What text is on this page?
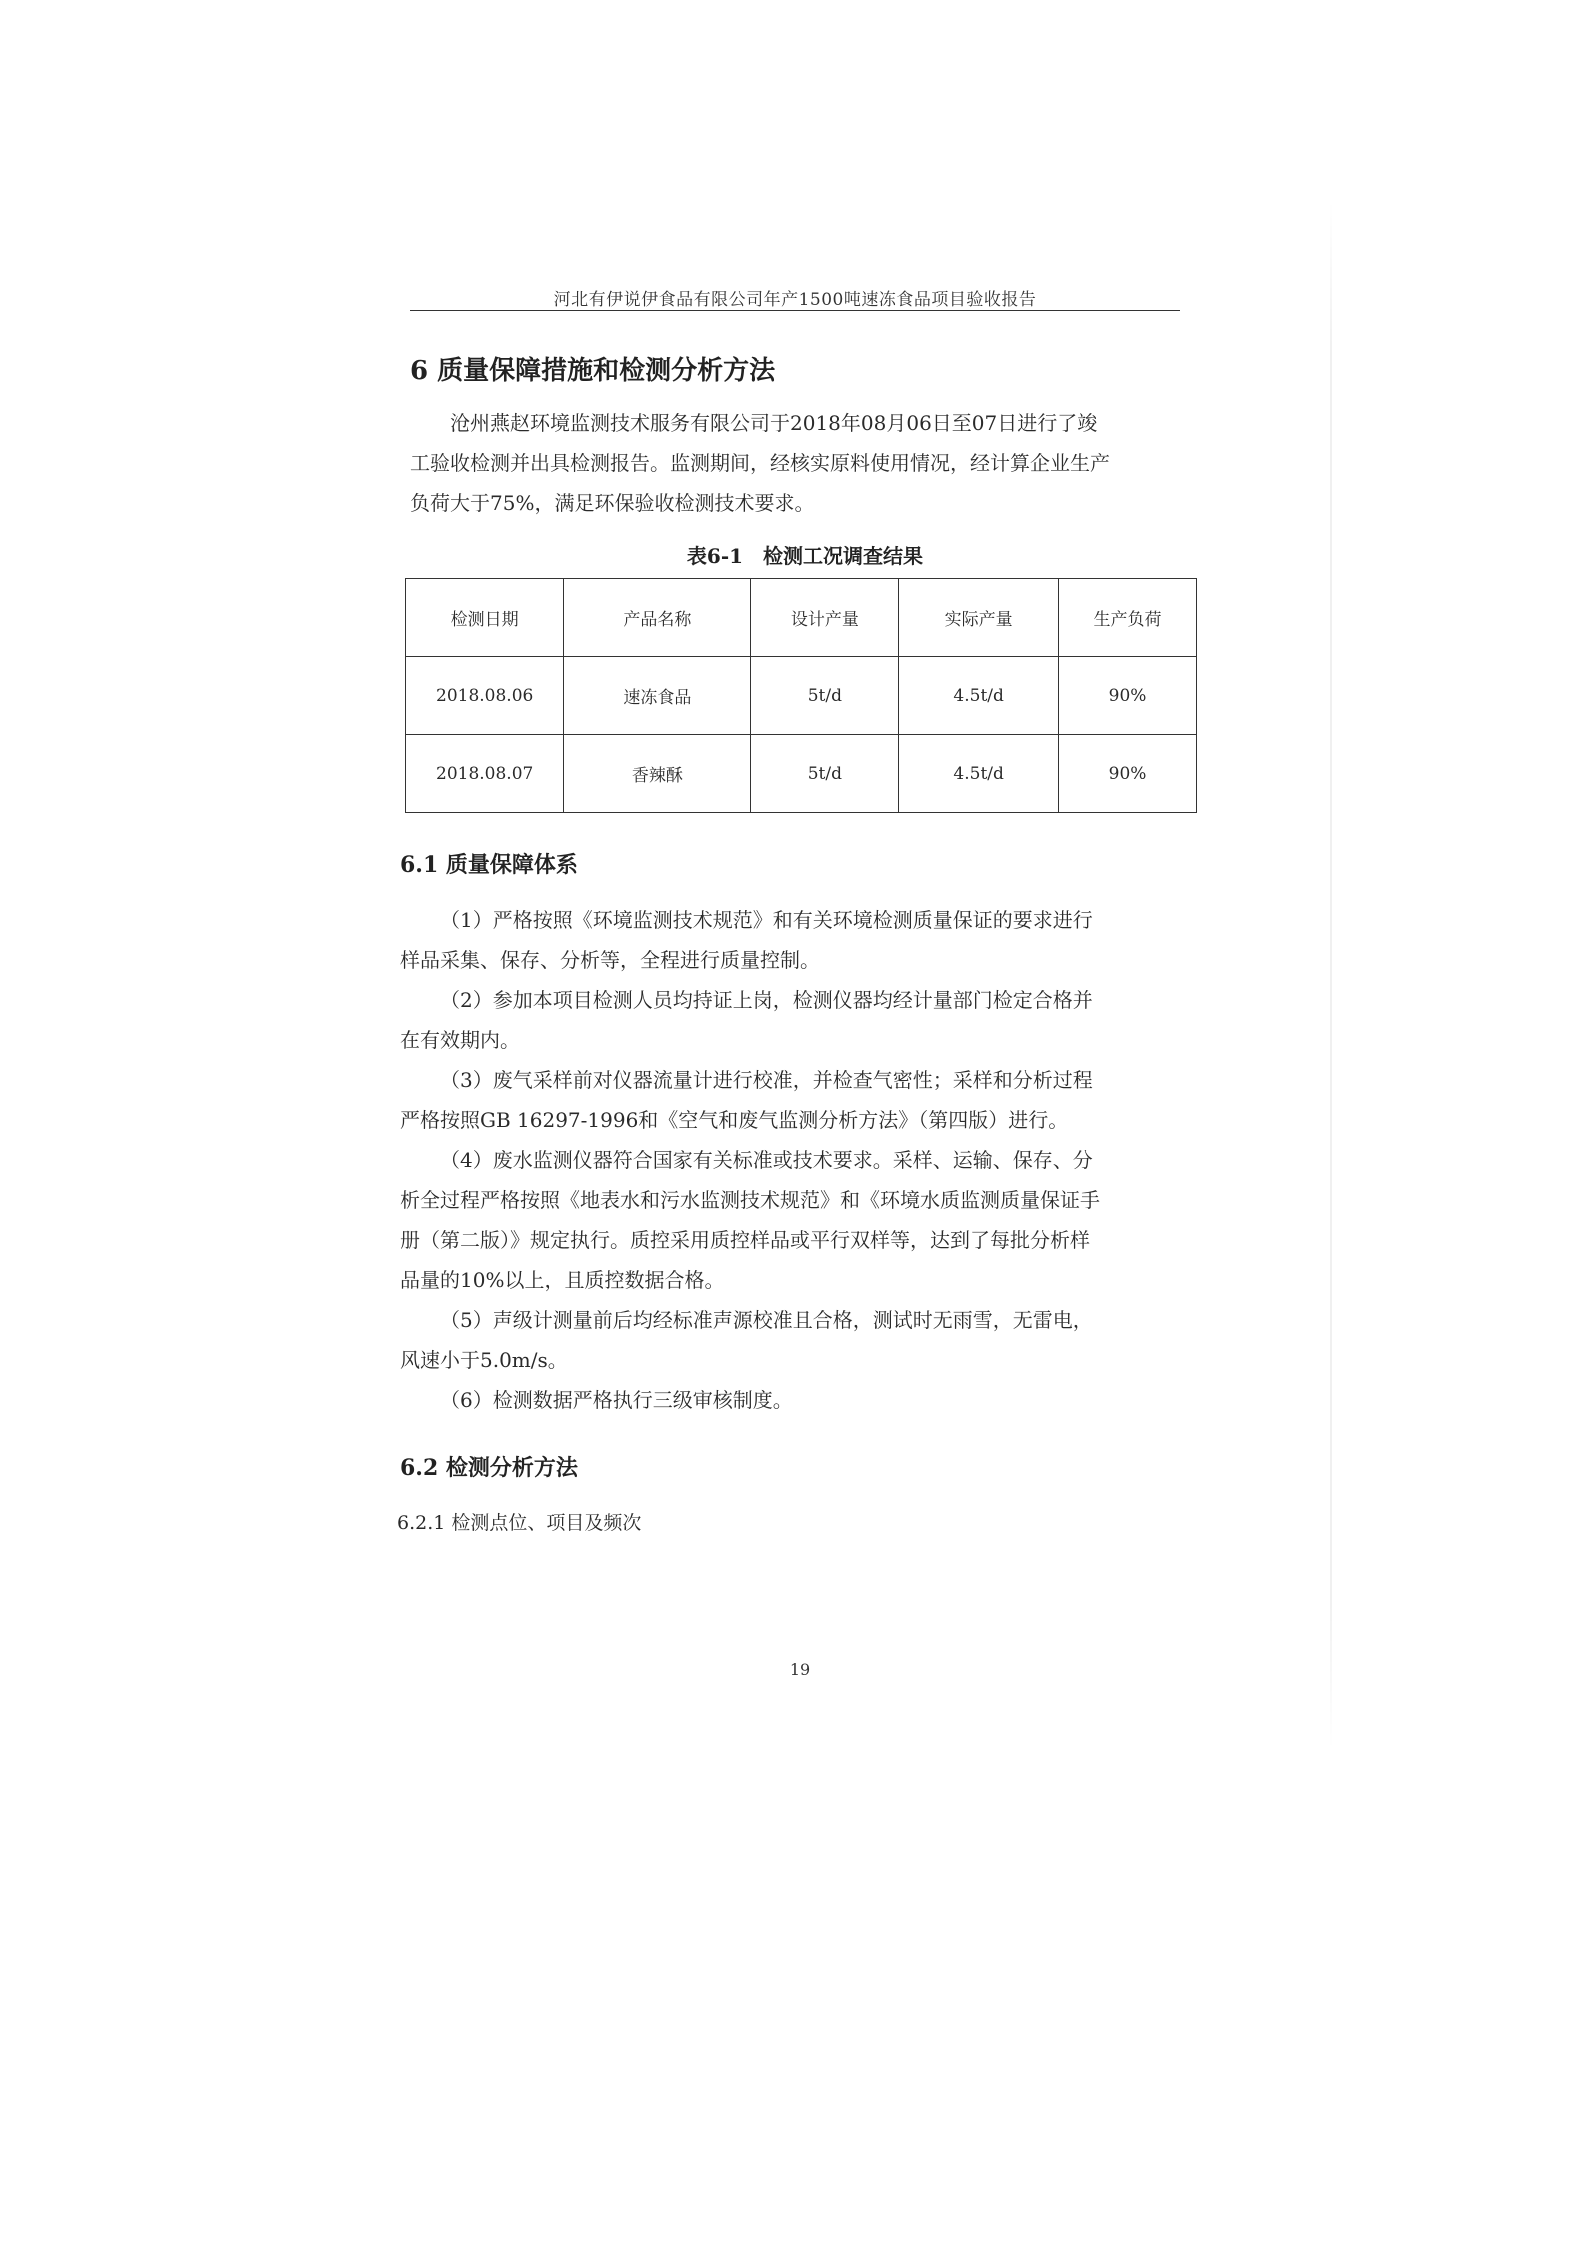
河北有伊说伊食品有限公司年产1500吨速冻食品项目验收报告
6 质量保障措施和检测分析方法
沧州燕赵环境监测技术服务有限公司于2018年08月06日至07日进行了竣
工验收检测并出具检测报告。监测期间，经核实原料使用情况，经计算企业生产
负荷大于75%，满足环保验收检测技术要求。
表6-1　检测工况调查结果
检测日期	产品名称	设计产量	实际产量	生产负荷
2018.08.06	速冻食品	5t/d	4.5t/d	90%
2018.08.07	香辣酥	5t/d	4.5t/d	90%
6.1 质量保障体系
（1）严格按照《环境监测技术规范》和有关环境检测质量保证的要求进行
样品采集、保存、分析等，全程进行质量控制。
（2）参加本项目检测人员均持证上岗，检测仪器均经计量部门检定合格并
在有效期内。
（3）废气采样前对仪器流量计进行校准，并检查气密性；采样和分析过程
严格按照GB 16297-1996和《空气和废气监测分析方法》（第四版）进行。
（4）废水监测仪器符合国家有关标准或技术要求。采样、运输、保存、分
析全过程严格按照《地表水和污水监测技术规范》和《环境水质监测质量保证手
册（第二版）》规定执行。质控采用质控样品或平行双样等，达到了每批分析样
品量的10%以上，且质控数据合格。
（5）声级计测量前后均经标准声源校准且合格，测试时无雨雪，无雷电，
风速小于5.0m/s。
（6）检测数据严格执行三级审核制度。
6.2 检测分析方法
6.2.1 检测点位、项目及频次
19
